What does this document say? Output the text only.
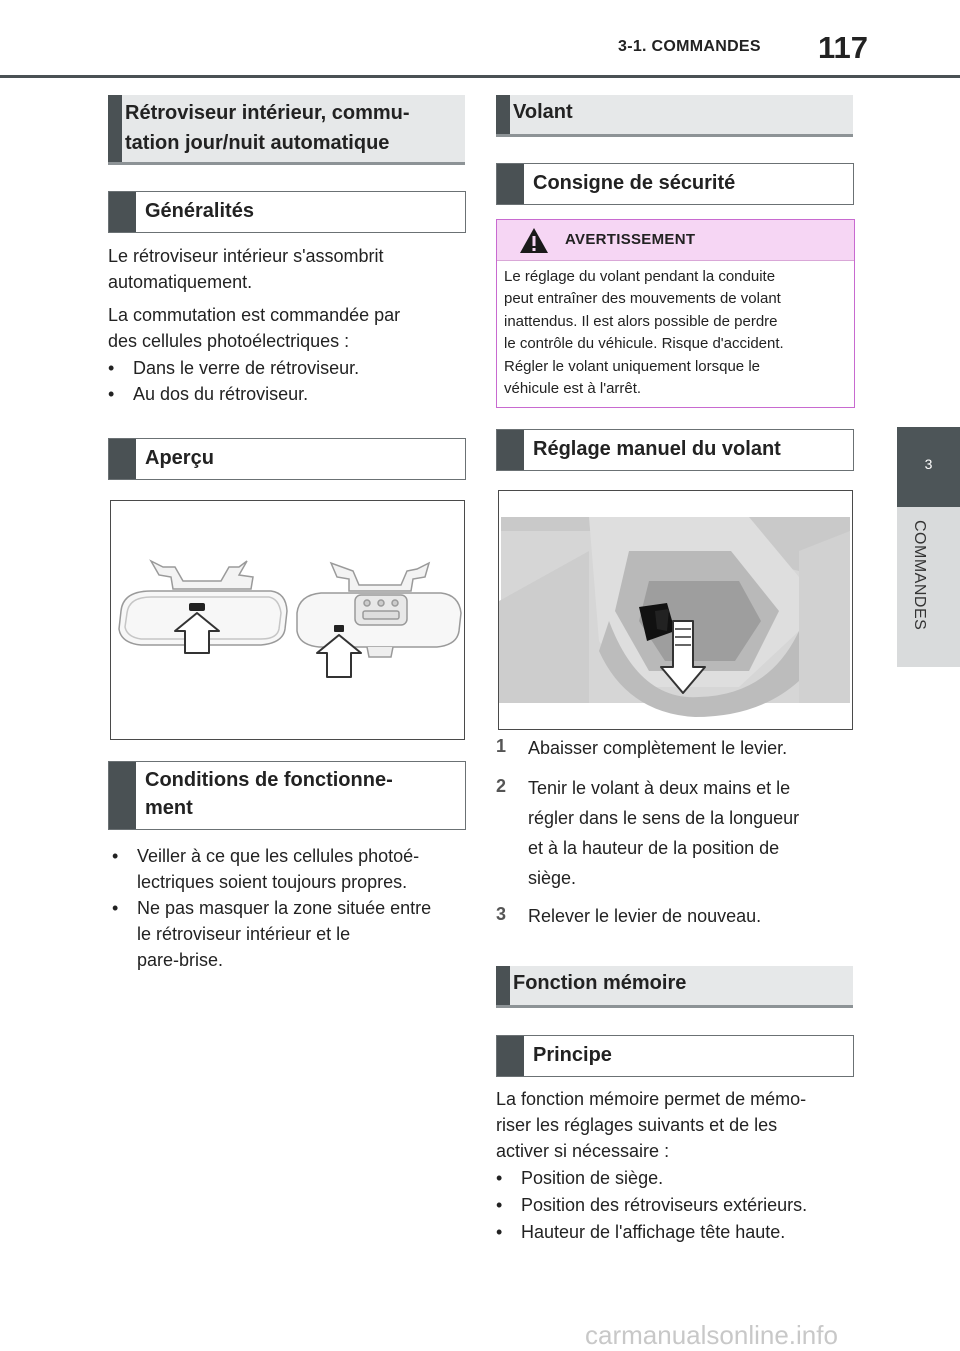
3-1. COMMANDES 117
3
COMMANDES
Rétroviseur intérieur, commu-
tation jour/nuit automatique
Généralités
Le rétroviseur intérieur s'assombrit
automatiquement.
La commutation est commandée par
des cellules photoélectriques :
• Dans le verre de rétroviseur.
• Au dos du rétroviseur.
Aperçu
Conditions de fonctionne-
ment
• Veiller à ce que les cellules photoé-
lectriques soient toujours propres.
• Ne pas masquer la zone située entre
le rétroviseur intérieur et le
pare-brise.
Volant
Consigne de sécurité
AVERTISSEMENT
Le réglage du volant pendant la conduite
peut entraîner des mouvements de volant
inattendus. Il est alors possible de perdre
le contrôle du véhicule. Risque d'accident.
Régler le volant uniquement lorsque le
véhicule est à l'arrêt.
Réglage manuel du volant
1 Abaisser complètement le levier.
2 Tenir le volant à deux mains et le
régler dans le sens de la longueur
et à la hauteur de la position de
siège.
3 Relever le levier de nouveau.
Fonction mémoire
Principe
La fonction mémoire permet de mémo-
riser les réglages suivants et de les
activer si nécessaire :
• Position de siège.
• Position des rétroviseurs extérieurs.
• Hauteur de l'affichage tête haute.
carmanualsonline.info
